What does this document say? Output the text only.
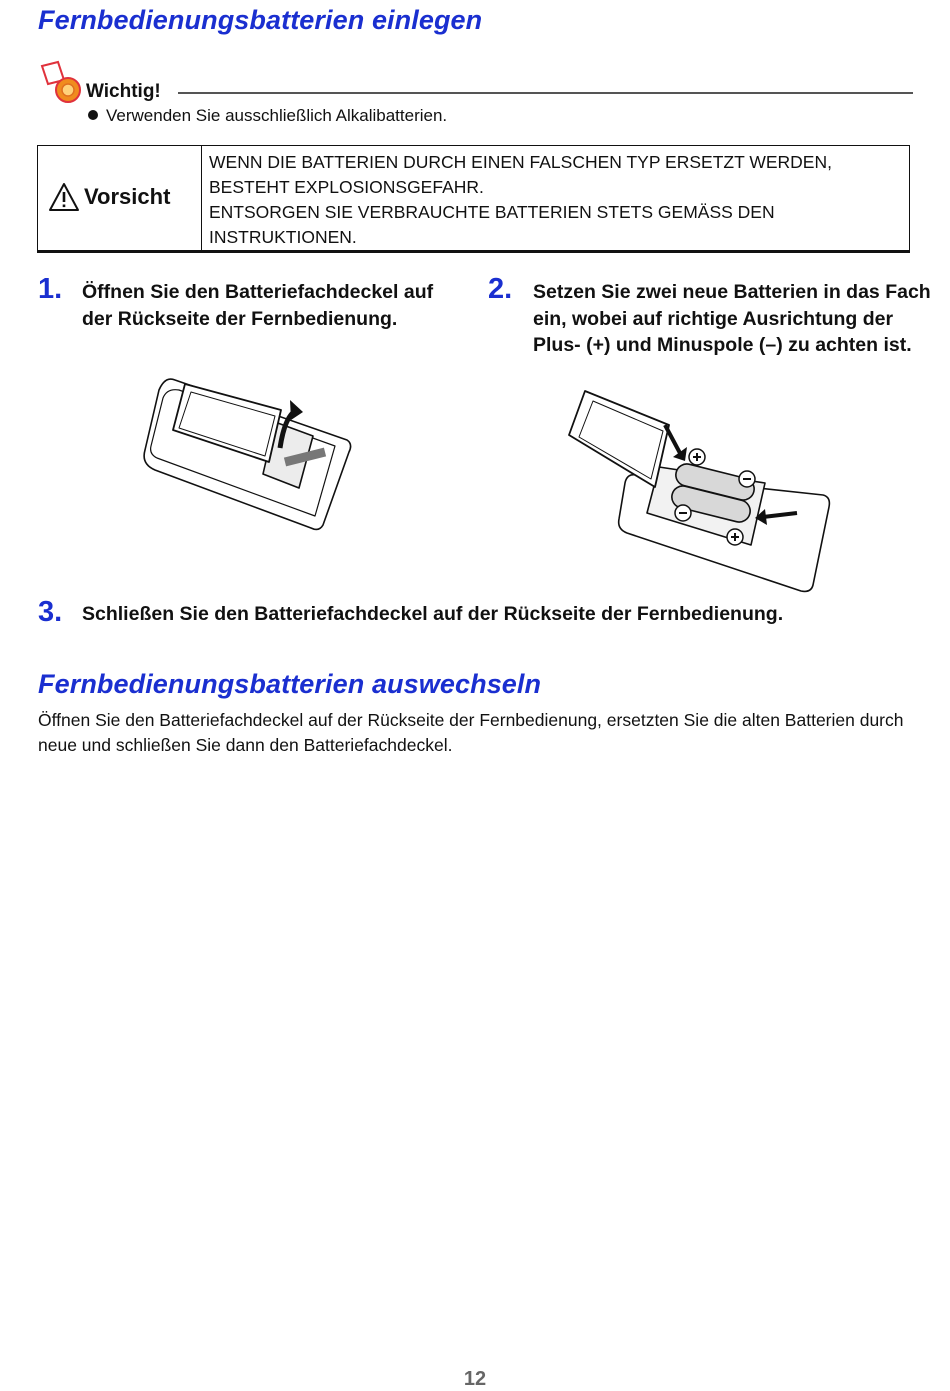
Fernbedienungsbatterien einlegen
Wichtig!
Verwenden Sie ausschließlich Alkalibatterien.
Vorsicht

WENN DIE BATTERIEN DURCH EINEN FALSCHEN TYP ERSETZT WERDEN, BESTEHT EXPLOSIONSGEFAHR.

ENTSORGEN SIE VERBRAUCHTE BATTERIEN STETS GEMÄSS DEN INSTRUKTIONEN.

1. Öffnen Sie den Batteriefachdeckel auf der Rückseite der Fernbedienung.

2. Setzen Sie zwei neue Batterien in das Fach ein, wobei auf richtige Ausrichtung der Plus- (+) und Minuspole (–) zu achten ist.

3. Schließen Sie den Batteriefachdeckel auf der Rückseite der Fernbedienung.

Fernbedienungsbatterien auswechseln

Öffnen Sie den Batteriefachdeckel auf der Rückseite der Fernbedienung, ersetzten Sie die alten Batterien durch neue und schließen Sie dann den Batteriefachdeckel.

12
